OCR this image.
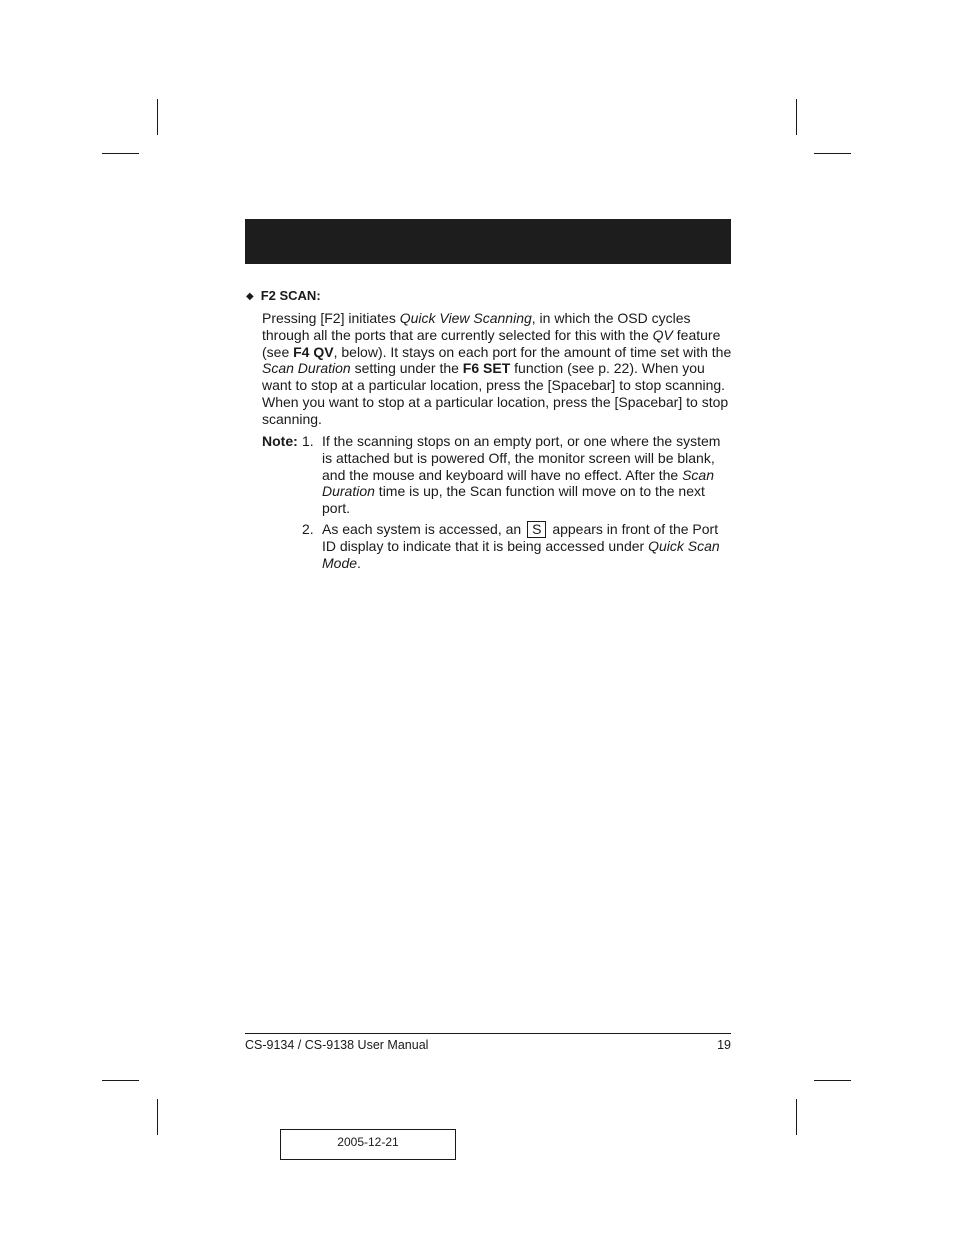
◆ F2 SCAN:

Pressing [F2] initiates Quick View Scanning, in which the OSD cycles through all the ports that are currently selected for this with the QV feature (see F4 QV, below). It stays on each port for the amount of time set with the Scan Duration setting under the F6 SET function (see p. 22). When you want to stop at a particular location, press the [Spacebar] to stop scanning. When you want to stop at a particular location, press the [Spacebar] to stop scanning.

Note: 1. If the scanning stops on an empty port, or one where the system is attached but is powered Off, the monitor screen will be blank, and the mouse and keyboard will have no effect. After the Scan Duration time is up, the Scan function will move on to the next port.
2. As each system is accessed, an S appears in front of the Port ID display to indicate that it is being accessed under Quick Scan Mode.
CS-9134 / CS-9138 User Manual	19
2005-12-21
